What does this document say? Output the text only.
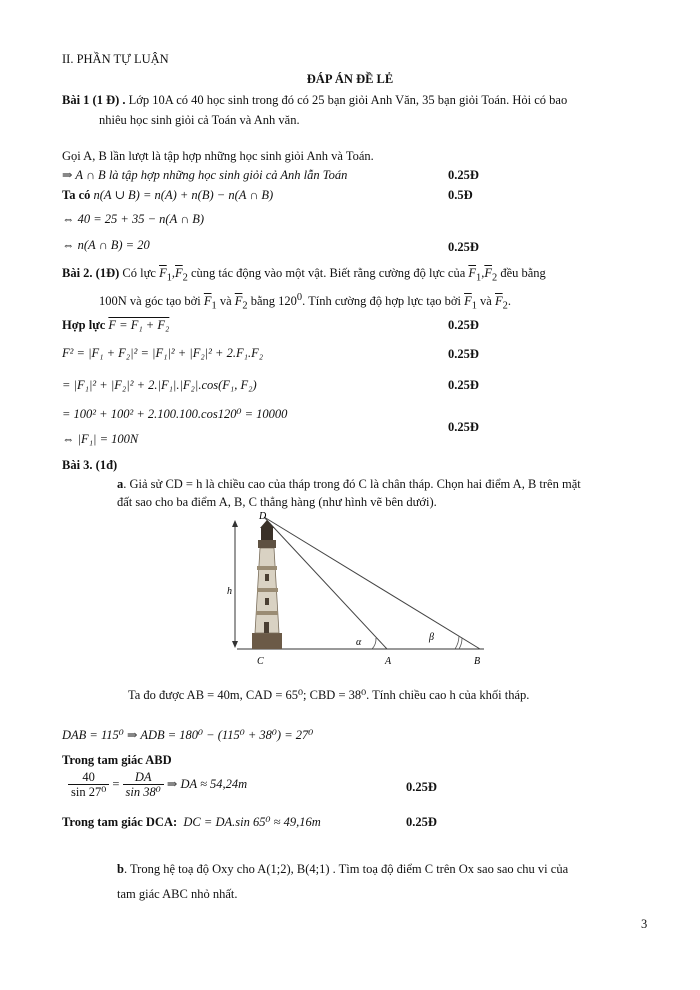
II. PHẦN TỰ LUẬN
ĐÁP ÁN ĐỀ LẺ
Bài 1 (1 Đ) . Lớp 10A có 40 học sinh trong đó có 25 bạn giỏi Anh Văn, 35 bạn giỏi Toán. Hỏi có bao
nhiêu học sinh giỏi cả Toán và Anh văn.
Gọi A, B lần lượt là tập hợp những học sinh giỏi Anh và Toán.
⇒ A ∩ B là tập hợp những học sinh giỏi cả Anh lẫn Toán	0.25Đ
Ta có n(A ∪ B) = n(A) + n(B) − n(A ∩ B)	0.5Đ
⇔ 40 = 25 + 35 − n(A ∩ B)
⇔ n(A ∩ B) = 20	0.25Đ
Bài 2. (1Đ) Có lực $\overline{F}_1,\overline{F}_2$ cùng tác động vào một vật. Biết rằng cường độ lực của $\overline{F}_1,\overline{F}_2$ đều bằng
100N và góc tạo bởi $\overline{F}_1$ và $\overline{F}_2$ bằng $120^0$. Tính cường độ hợp lực tạo bởi $\overline{F}_1$ và $\overline{F}_2$.
Hợp lực F = F₁ + F₂	0.25Đ
F² = |F₁ + F₂|² = |F₁|² + |F₂|² + 2.F₁.F₂	0.25Đ
= |F₁|² + |F₂|² + 2.|F₁|.|F₂|.cos(F₁, F₂)	0.25Đ
= 100² + 100² + 2.100.100.cos120⁰ = 10000
⇔ |F₁| = 100N
0.25Đ
Bài 3. (1đ)
a. Giả sử CD = h là chiều cao của tháp trong đó C là chân tháp. Chọn hai điểm A, B trên mặt
đất sao cho ba điểm A, B, C thẳng hàng (như hình vẽ bên dưới).
D
h
α	β
C	A	B
Ta đo được AB = 40m, CAD = 65⁰; CBD = 38⁰. Tính chiều cao h của khối tháp.
DAB = 115⁰ ⇒ ADB = 180⁰ − (115⁰ + 38⁰) = 27⁰
Trong tam giác ABD
$\frac{40}{\text{sin 27⁰}} = \frac{DA}{\text{sin 38⁰}}$ ⇒ DA ≈ 54,24m	0.25Đ
Trong tam giác DCA: DC = DA.sin 65⁰ ≈ 49,16m	0.25Đ
b. Trong hệ toạ độ Oxy cho A(1;2), B(4;1) . Tìm toạ độ điểm C trên Ox sao sao chu vi của
tam giác ABC nhỏ nhất.
3
